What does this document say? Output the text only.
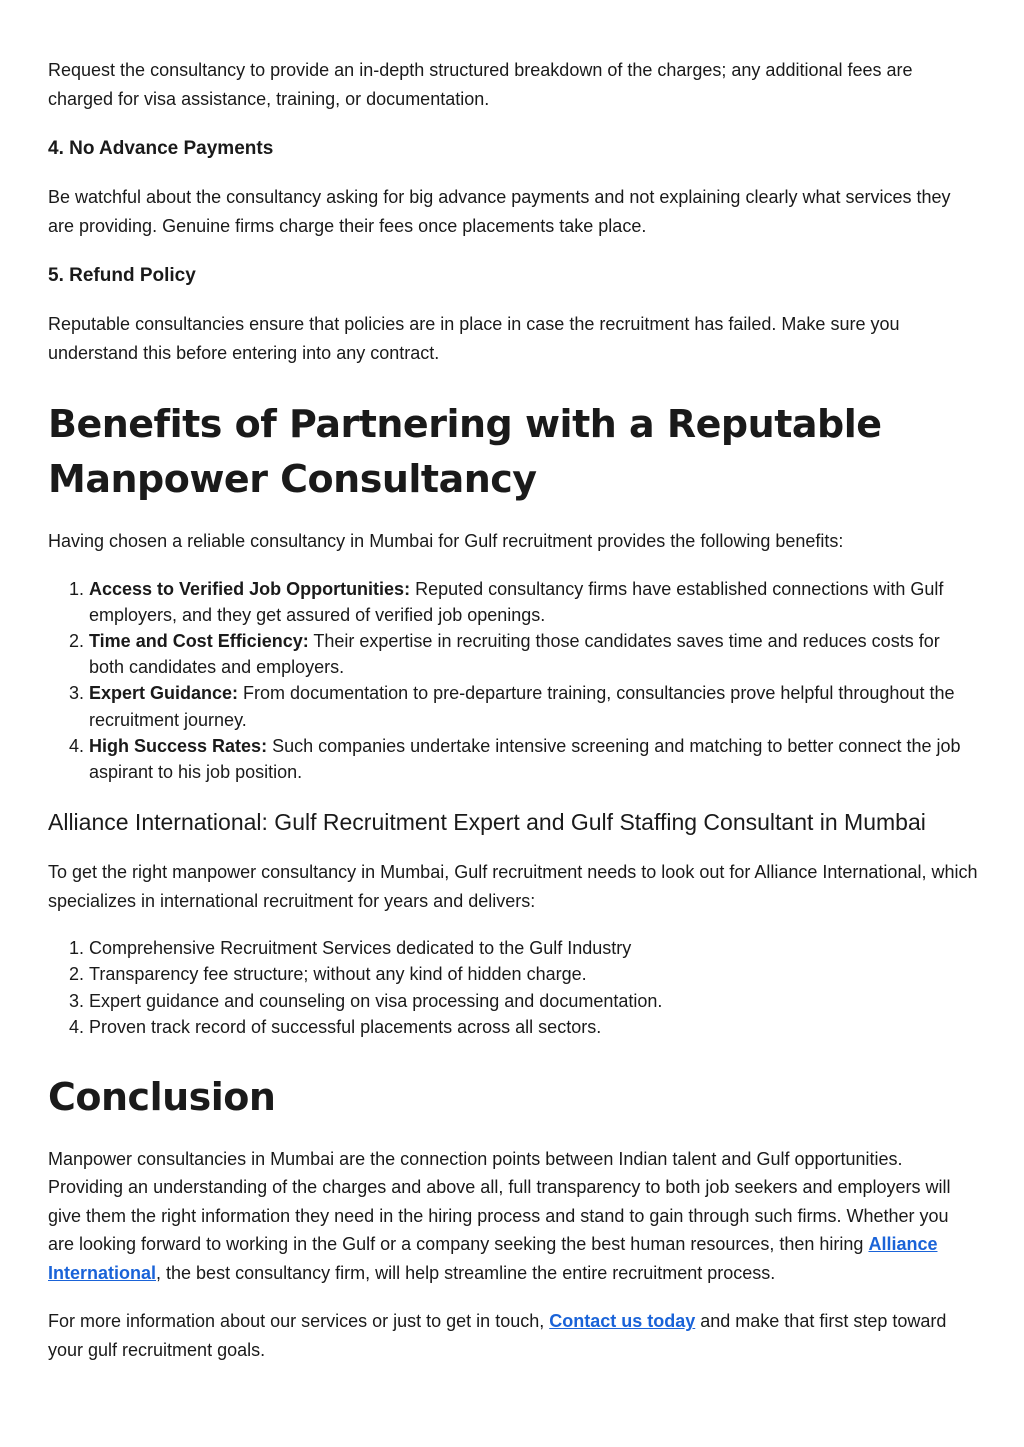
Request the consultancy to provide an in-depth structured breakdown of the charges; any additional fees are charged for visa assistance, training, or documentation.

4. No Advance Payments

Be watchful about the consultancy asking for big advance payments and not explaining clearly what services they are providing. Genuine firms charge their fees once placements take place.

5. Refund Policy

Reputable consultancies ensure that policies are in place in case the recruitment has failed. Make sure you understand this before entering into any contract.

Benefits of Partnering with a Reputable Manpower Consultancy

Having chosen a reliable consultancy in Mumbai for Gulf recruitment provides the following benefits:

1. Access to Verified Job Opportunities: Reputed consultancy firms have established connections with Gulf employers, and they get assured of verified job openings.
2. Time and Cost Efficiency: Their expertise in recruiting those candidates saves time and reduces costs for both candidates and employers.
3. Expert Guidance: From documentation to pre-departure training, consultancies prove helpful throughout the recruitment journey.
4. High Success Rates: Such companies undertake intensive screening and matching to better connect the job aspirant to his job position.
Alliance International: Gulf Recruitment Expert and Gulf Staffing Consultant in Mumbai

To get the right manpower consultancy in Mumbai, Gulf recruitment needs to look out for Alliance International, which specializes in international recruitment for years and delivers:

1. Comprehensive Recruitment Services dedicated to the Gulf Industry
2. Transparency fee structure; without any kind of hidden charge.
3. Expert guidance and counseling on visa processing and documentation.
4. Proven track record of successful placements across all sectors.
Conclusion

Manpower consultancies in Mumbai are the connection points between Indian talent and Gulf opportunities. Providing an understanding of the charges and above all, full transparency to both job seekers and employers will give them the right information they need in the hiring process and stand to gain through such firms. Whether you are looking forward to working in the Gulf or a company seeking the best human resources, then hiring Alliance International, the best consultancy firm, will help streamline the entire recruitment process.

For more information about our services or just to get in touch, Contact us today and make that first step toward your gulf recruitment goals.
